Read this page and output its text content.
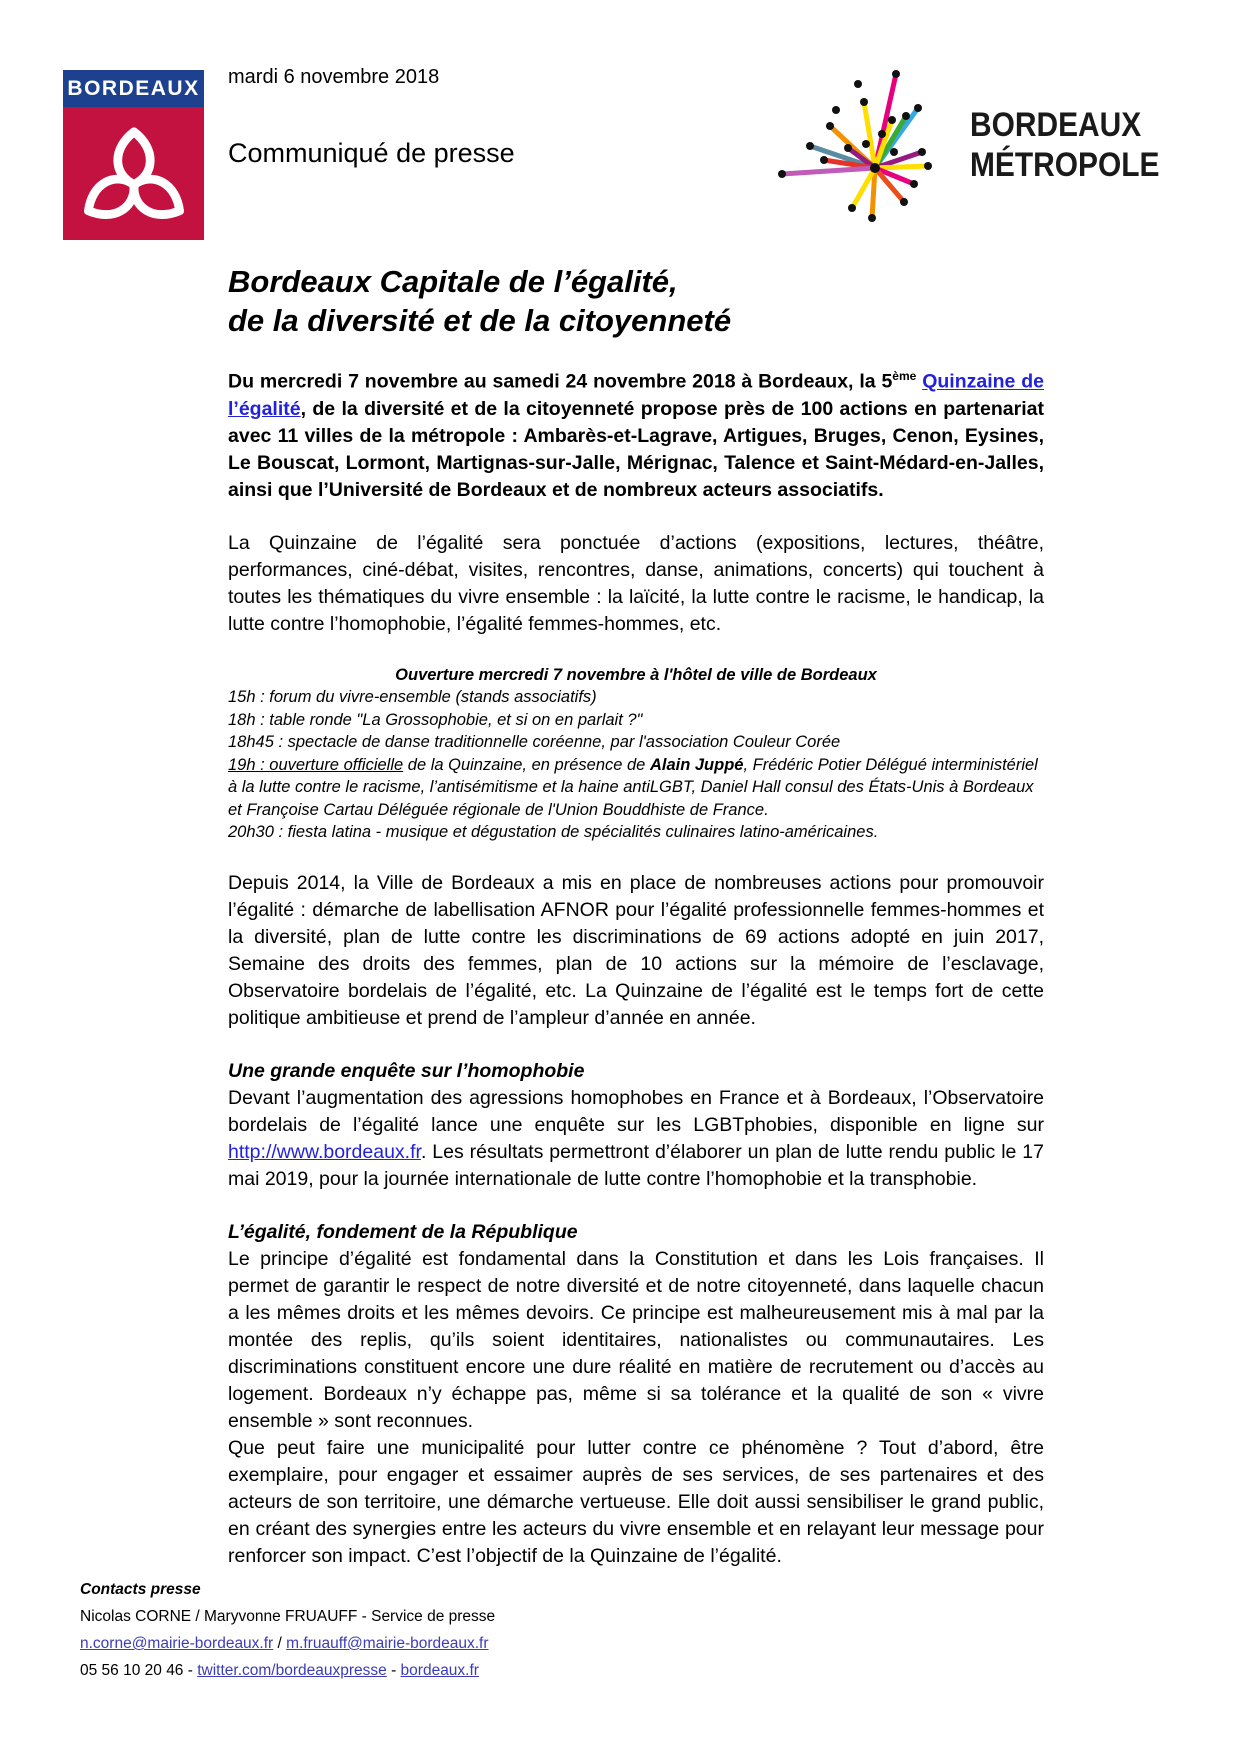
BORDEAUX mardi 6 novembre 2018
Communiqué de presse
BORDEAUX
MÉTROPOLE
Bordeaux Capitale de l’égalité,
de la diversité et de la citoyenneté

Du mercredi 7 novembre au samedi 24 novembre 2018 à Bordeaux, la 5ème Quinzaine de l’égalité, de la diversité et de la citoyenneté propose près de 100 actions en partenariat avec 11 villes de la métropole : Ambarès-et-Lagrave, Artigues, Bruges, Cenon, Eysines, Le Bouscat, Lormont, Martignas-sur-Jalle, Mérignac, Talence et Saint-Médard-en-Jalles, ainsi que l’Université de Bordeaux et de nombreux acteurs associatifs.

La Quinzaine de l’égalité sera ponctuée d’actions (expositions, lectures, théâtre, performances, ciné-débat, visites, rencontres, danse, animations, concerts) qui touchent à toutes les thématiques du vivre ensemble : la laïcité, la lutte contre le racisme, le handicap, la lutte contre l’homophobie, l’égalité femmes-hommes, etc.

Ouverture mercredi 7 novembre à l'hôtel de ville de Bordeaux
15h : forum du vivre-ensemble (stands associatifs)
18h : table ronde "La Grossophobie, et si on en parlait ?"
18h45 : spectacle de danse traditionnelle coréenne, par l'association Couleur Corée
19h : ouverture officielle de la Quinzaine, en présence de Alain Juppé, Frédéric Potier Délégué interministériel à la lutte contre le racisme, l’antisémitisme et la haine antiLGBT, Daniel Hall consul des États-Unis à Bordeaux et Françoise Cartau Déléguée régionale de l'Union Bouddhiste de France.
20h30 : fiesta latina - musique et dégustation de spécialités culinaires latino-américaines.

Depuis 2014, la Ville de Bordeaux a mis en place de nombreuses actions pour promouvoir l’égalité : démarche de labellisation AFNOR pour l’égalité professionnelle femmes-hommes et la diversité, plan de lutte contre les discriminations de 69 actions adopté en juin 2017, Semaine des droits des femmes, plan de 10 actions sur la mémoire de l’esclavage, Observatoire bordelais de l’égalité, etc. La Quinzaine de l’égalité est le temps fort de cette politique ambitieuse et prend de l’ampleur d’année en année.

Une grande enquête sur l’homophobie

Devant l’augmentation des agressions homophobes en France et à Bordeaux, l’Observatoire bordelais de l’égalité lance une enquête sur les LGBTphobies, disponible en ligne sur http://www.bordeaux.fr. Les résultats permettront d’élaborer un plan de lutte rendu public le 17 mai 2019, pour la journée internationale de lutte contre l’homophobie et la transphobie.

L’égalité, fondement de la République

Le principe d’égalité est fondamental dans la Constitution et dans les Lois françaises. Il permet de garantir le respect de notre diversité et de notre citoyenneté, dans laquelle chacun a les mêmes droits et les mêmes devoirs. Ce principe est malheureusement mis à mal par la montée des replis, qu’ils soient identitaires, nationalistes ou communautaires. Les discriminations constituent encore une dure réalité en matière de recrutement ou d’accès au logement. Bordeaux n’y échappe pas, même si sa tolérance et la qualité de son « vivre ensemble » sont reconnues.

Que peut faire une municipalité pour lutter contre ce phénomène ? Tout d’abord, être exemplaire, pour engager et essaimer auprès de ses services, de ses partenaires et des acteurs de son territoire, une démarche vertueuse. Elle doit aussi sensibiliser le grand public, en créant des synergies entre les acteurs du vivre ensemble et en relayant leur message pour renforcer son impact. C’est l’objectif de la Quinzaine de l’égalité.

Contacts presse
Nicolas CORNE / Maryvonne FRUAUFF - Service de presse
n.corne@mairie-bordeaux.fr / m.fruauff@mairie-bordeaux.fr
05 56 10 20 46 - twitter.com/bordeauxpresse - bordeaux.fr
